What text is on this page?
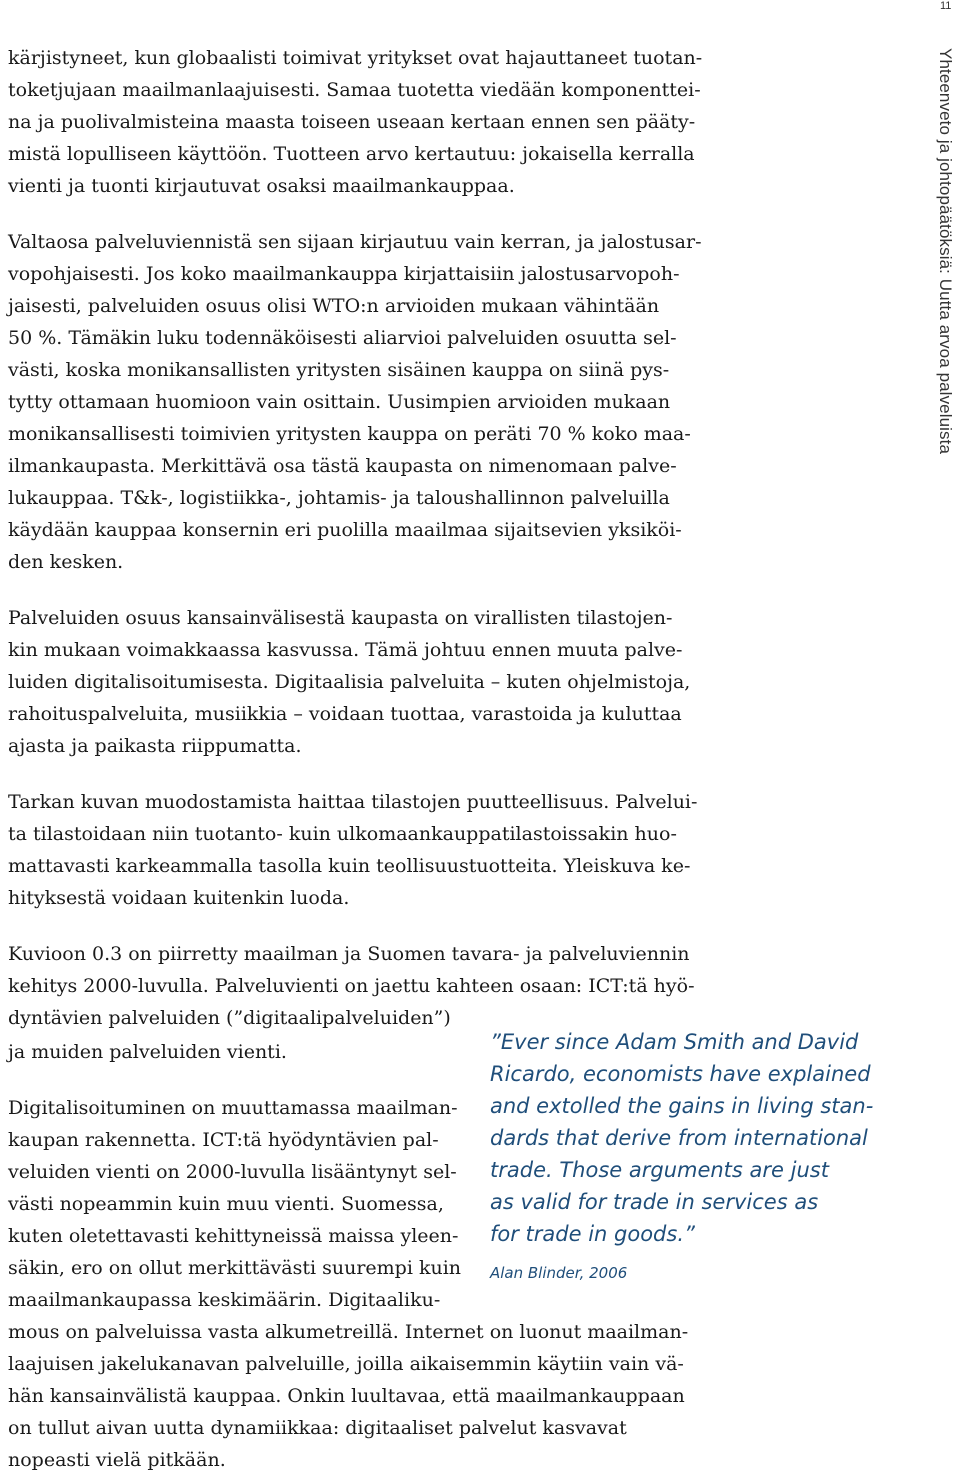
11
Yhteenveto ja johtopäätöksiä: Uutta arvoa palveluista
kärjistyneet, kun globaalisti toimivat yritykset ovat hajauttaneet tuotan-
toketjujaan maailmanlaajuisesti. Samaa tuotetta viedään komponenttei-
na ja puolivalmisteina maasta toiseen useaan kertaan ennen sen pääty-
mistä lopulliseen käyttöön. Tuotteen arvo kertautuu: jokaisella kerralla
vienti ja tuonti kirjautuvat osaksi maailmankauppaa.
Valtaosa palveluviennistä sen sijaan kirjautuu vain kerran, ja jalostusar-
vopohjaisesti. Jos koko maailmankauppa kirjattaisiin jalostusarvopoh-
jaisesti, palveluiden osuus olisi WTO:n arvioiden mukaan vähintään
50 %. Tämäkin luku todennäköisesti aliarvioi palveluiden osuutta sel-
västi, koska monikansallisten yritysten sisäinen kauppa on siinä pys-
tytty ottamaan huomioon vain osittain. Uusimpien arvioiden mukaan
monikansallisesti toimivien yritysten kauppa on peräti 70 % koko maa-
ilmankaupasta. Merkittävä osa tästä kaupasta on nimenomaan palve-
lukauppaa. T&k-, logistiikka-, johtamis- ja taloushallinnon palveluilla
käydään kauppaa konsernin eri puolilla maailmaa sijaitsevien yksiköi-
den kesken.
Palveluiden osuus kansainvälisestä kaupasta on virallisten tilastojen-
kin mukaan voimakkaassa kasvussa. Tämä johtuu ennen muuta palve-
luiden digitalisoitumisesta. Digitaalisia palveluita – kuten ohjelmistoja,
rahoituspalveluita, musiikkia – voidaan tuottaa, varastoida ja kuluttaa
ajasta ja paikasta riippumatta.
Tarkan kuvan muodostamista haittaa tilastojen puutteellisuus. Palvelui-
ta tilastoidaan niin tuotanto- kuin ulkomaankauppatilastoissakin huo-
mattavasti karkeammalla tasolla kuin teollisuustuotteita. Yleiskuva ke-
hityksestä voidaan kuitenkin luoda.
Kuvioon 0.3 on piirretty maailman ja Suomen tavara- ja palveluviennin
kehitys 2000-luvulla. Palveluvienti on jaettu kahteen osaan: ICT:tä hyö-
dyntävien palveluiden (”digitaalipalveluiden”)
ja muiden palveluiden vienti.
Digitalisoituminen on muuttamassa maailman-
kaupan rakennetta. ICT:tä hyödyntävien pal-
veluiden vienti on 2000-luvulla lisääntynyt sel-
västi nopeammin kuin muu vienti. Suomessa,
kuten oletettavasti kehittyneissä maissa yleen-
säkin, ero on ollut merkittävästi suurempi kuin
maailmankaupassa keskimäärin. Digitaaliku-
mous on palveluissa vasta alkumetreillä. Internet on luonut maailman-
laajuisen jakelukanavan palveluille, joilla aikaisemmin käytiin vain vä-
hän kansainvälistä kauppaa. Onkin luultavaa, että maailmankauppaan
on tullut aivan uutta dynamiikkaa: digitaaliset palvelut kasvavat
nopeasti vielä pitkään.
”Ever since Adam Smith and David
Ricardo, economists have explained
and extolled the gains in living stan-
dards that derive from international
trade. Those arguments are just
as valid for trade in services as
for trade in goods.”
Alan Blinder, 2006
